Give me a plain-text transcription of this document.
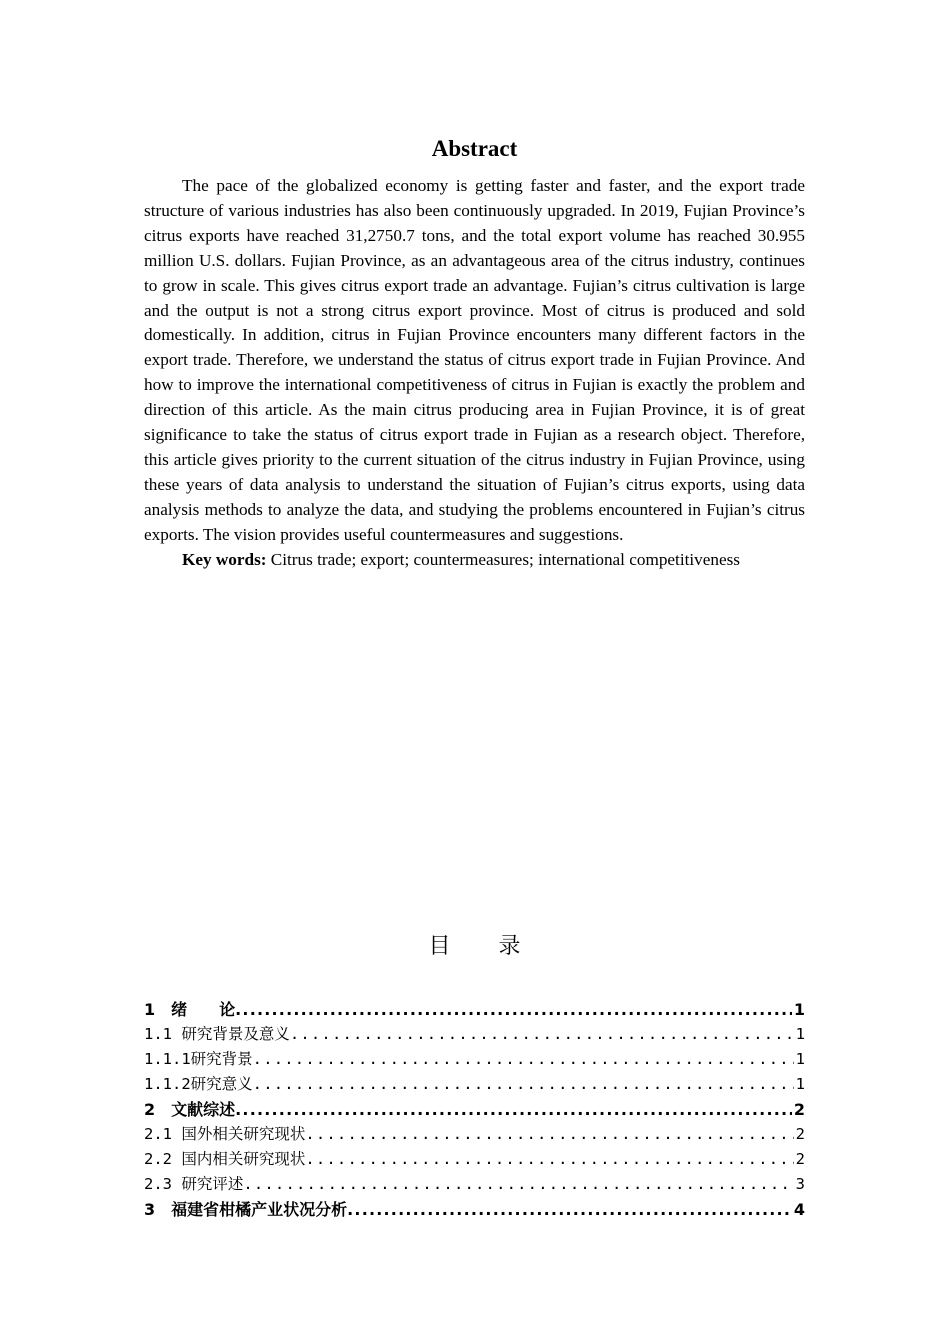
Abstract

The pace of the globalized economy is getting faster and faster, and the export trade structure of various industries has also been continuously upgraded. In 2019, Fujian Province’s citrus exports have reached 31,2750.7 tons, and the total export volume has reached 30.955 million U.S. dollars. Fujian Province, as an advantageous area of the citrus industry, continues to grow in scale. This gives citrus export trade an advantage. Fujian’s citrus cultivation is large and the output is not a strong citrus export province. Most of citrus is produced and sold domestically. In addition, citrus in Fujian Province encounters many different factors in the export trade. Therefore, we understand the status of citrus export trade in Fujian Province. And how to improve the international competitiveness of citrus in Fujian is exactly the problem and direction of this article. As the main citrus producing area in Fujian Province, it is of great significance to take the status of citrus export trade in Fujian as a research object. Therefore, this article gives priority to the current situation of the citrus industry in Fujian Province, using these years of data analysis to understand the situation of Fujian’s citrus exports, using data analysis methods to analyze the data, and studying the problems encountered in Fujian’s citrus exports. The vision provides useful countermeasures and suggestions.

Key words: Citrus trade; export; countermeasures; international competitiveness

目 录
1　绪　　论 .....	1
1.1 研究背景及意义 .....	1
1.1.1研究背景 .....	1
1.1.2研究意义 .....	1
2　文献综述 .....	2
2.1 国外相关研究现状 .....	2
2.2 国内相关研究现状 .....	2
2.3 研究评述 .....	3
3　福建省柑橘产业状况分析 .....	4
